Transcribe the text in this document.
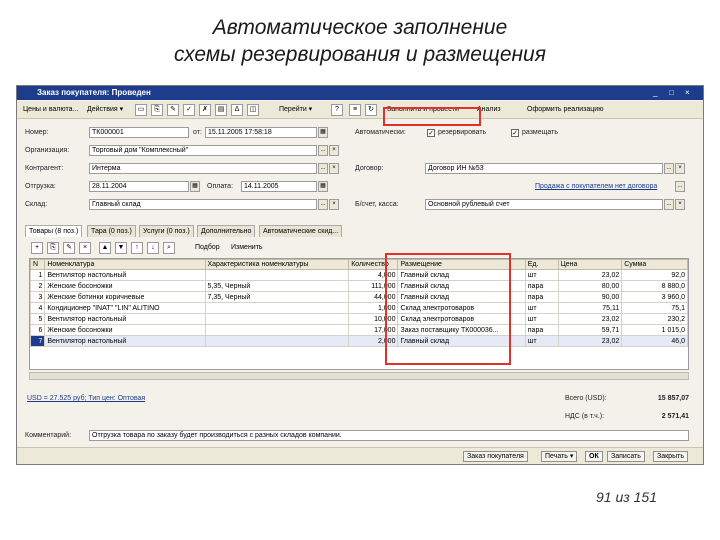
Автоматическое заполнение
схемы резервирования и размещения
Заказ покупателя: Проведен	_ □ ×
Цены и валюта... Действия ▾	▭	⎘	✎	✓	✗	▤	Δ	◫	Перейти ▾	?	≡	↻	Заполнить и провести	Анализ	Оформить реализацию
Номер:	ТК000001	от: 15.11.2005 17:58:18	▦	Автоматически:	✓ резервировать	✓ размещать
Организация:	Торговый дом "Комплексный"	...	×
Контрагент:	Интерма	...	×	Договор:	Договор ИН №53	...	×
Отгрузка:	28.11.2004	▦	Оплата:	14.11.2005	▦	Продажа с покупателем нет договора	...
Склад:	Главный склад	...	×	Б/счет, касса:	Основной рублевый счет	...	×
Товары (8 поз.)	Тара (0 поз.)	Услуги (0 поз.)	Дополнительно	Автоматические скид...
+	⎘	✎	×	▲	▼	↑	↓	⌕	Подбор Изменить
N	Номенклатура	Характеристика номенклатуры	Количество	Размещение	Ед.	Цена	Сумма
1	Вентилятор настольный		4,000	Главный склад	шт	23,02	92,0
2	Женские босоножки	5,35, Черный	111,000	Главный склад	пара	80,00	8 880,0
3	Женские ботинки коричневые	7,35, Черный	44,000	Главный склад	пара	90,00	3 960,0
4	Кондиционер "INAT" "LIN" ALITINO		1,000	Склад электротоваров	шт	75,11	75,1
5	Вентилятор настольный		10,000	Склад электротоваров	шт	23,02	230,2
6	Женские босоножки		17,000	Заказ поставщику ТК000036...	пара	59,71	1 015,0
7	Вентилятор настольный		2,000	Главный склад	шт	23,02	46,0
USD = 27.525 руб; Тип цен: Оптовая	Всего (USD):	15 857,07
НДС (в т.ч.):	2 571,41
Комментарий:	Отгрузка товара по заказу будет производиться с разных складов компании.
Заказ покупателя	Печать ▾	ОК	Записать	Закрыть
91 из 151
